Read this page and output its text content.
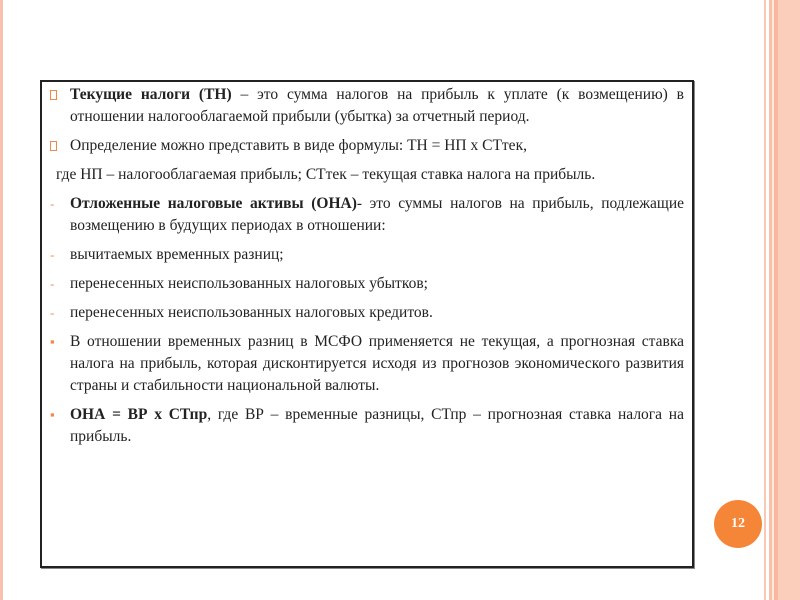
Текущие налоги (ТН) – это сумма налогов на прибыль к уплате (к возмещению) в отношении налогооблагаемой прибыли (убытка) за отчетный период.
Определение можно представить в виде формулы: ТН = НП х СТтек,
где НП – налогооблагаемая прибыль; СТтек – текущая ставка налога на прибыль.
- Отложенные налоговые активы (ОНА)- это суммы налогов на прибыль, подлежащие возмещению в будущих периодах в отношении:
- вычитаемых временных разниц;
- перенесенных неиспользованных налоговых убытков;
- перенесенных неиспользованных налоговых кредитов.
▪ В отношении временных разниц в МСФО применяется не текущая, а прогнозная ставка налога на прибыль, которая дисконтируется исходя из прогнозов экономического развития страны и стабильности национальной валюты.
▪ ОНА = ВР х СТпр, где ВР – временные разницы, СТпр – прогнозная ставка налога на прибыль.
12
